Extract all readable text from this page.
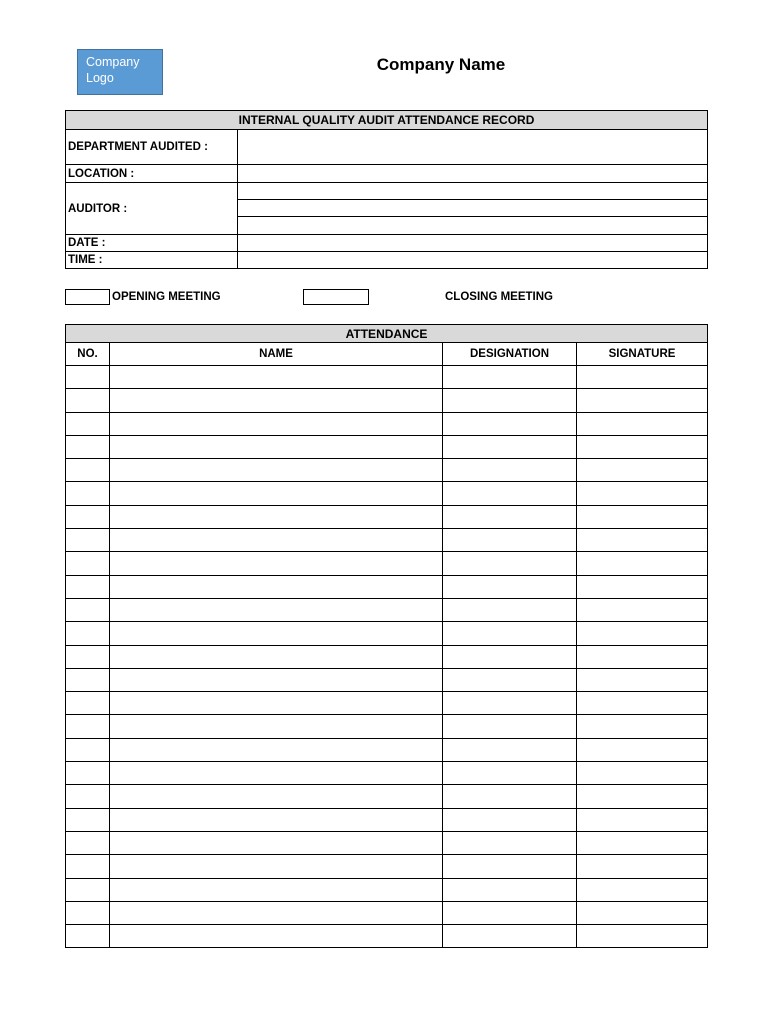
Company
Logo
Company Name
INTERNAL QUALITY AUDIT ATTENDANCE RECORD	
DEPARTMENT AUDITED :	
LOCATION :	
AUDITOR :	

DATE :	
TIME :	
OPENING MEETING	CLOSING MEETING
ATTENDANCE			
NO.	NAME	DESIGNATION	SIGNATURE
